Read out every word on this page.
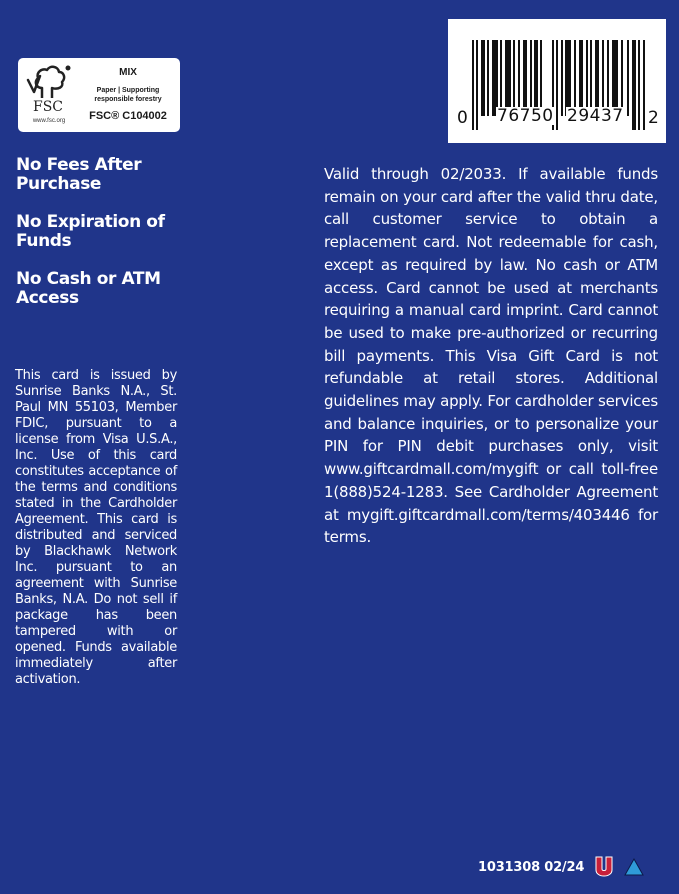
FSC
www.fsc.org
MIX
Paper | Supporting
responsible forestry
FSC® C104002	0 76750 29437 2
No Fees After Purchase
No Expiration of Funds
No Cash or ATM Access
This card is issued by Sunrise Banks N.A., St. Paul MN 55103, Member FDIC, pursuant to a license from Visa U.S.A., Inc. Use of this card constitutes acceptance of the terms and conditions stated in the Cardholder Agreement. This card is distributed and serviced by Blackhawk Network Inc. pursuant to an agreement with Sunrise Banks, N.A. Do not sell if package has been tampered with or opened. Funds available immediately after activation.
Valid through 02/2033. If available funds remain on your card after the valid thru date, call customer service to obtain a replacement card. Not redeemable for cash, except as required by law. No cash or ATM access. Card cannot be used at merchants requiring a manual card imprint. Card cannot be used to make pre-authorized or recurring bill payments. This Visa Gift Card is not refundable at retail stores. Additional guidelines may apply. For cardholder services and balance inquiries, or to personalize your PIN for PIN debit purchases only, visit www.giftcardmall.com/mygift or call toll-free 1(888)524-1283. See Cardholder Agreement at mygift.giftcardmall.com/terms/403446 for terms.
1031308 02/24
